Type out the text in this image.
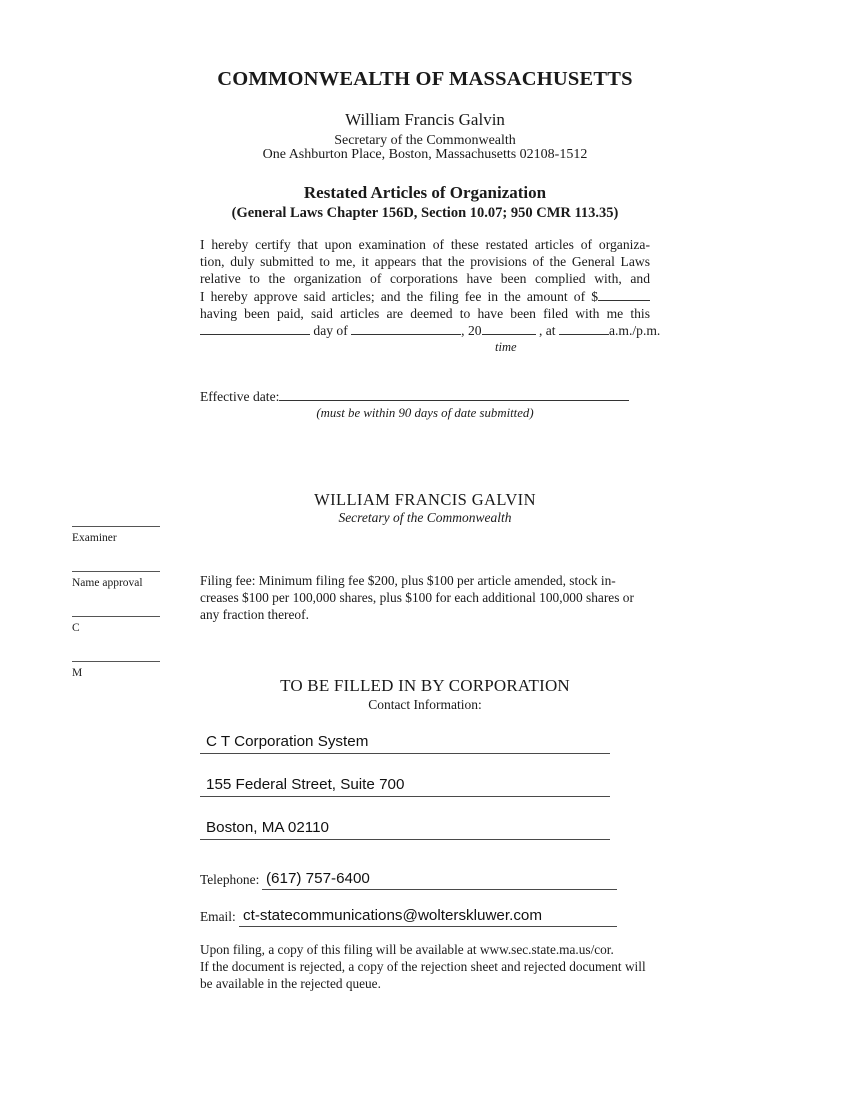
COMMONWEALTH OF MASSACHUSETTS
William Francis Galvin
Secretary of the Commonwealth
One Ashburton Place, Boston, Massachusetts 02108-1512
Restated Articles of Organization
(General Laws Chapter 156D, Section 10.07; 950 CMR 113.35)
I hereby certify that upon examination of these restated articles of organiza-
tion, duly submitted to me, it appears that the provisions of the General Laws
relative to the organization of corporations have been complied with, and
I hereby approve said articles; and the filing fee in the amount of $
having been paid, said articles are deemed to have been filed with me this
day of	, 20	, at	a.m./p.m.
time
Effective date:
(must be within 90 days of date submitted)
WILLIAM FRANCIS GALVIN
Secretary of the Commonwealth
Examiner
Name approval
C
M
Filing fee: Minimum filing fee $200, plus $100 per article amended, stock in-
creases $100 per 100,000 shares, plus $100 for each additional 100,000 shares or
any fraction thereof.
TO BE FILLED IN BY CORPORATION
Contact Information:
C T Corporation System
155 Federal Street, Suite 700
Boston, MA 02110
Telephone: (617) 757-6400
Email: ct-statecommunications@wolterskluwer.com
Upon filing, a copy of this filing will be available at www.sec.state.ma.us/cor.
If the document is rejected, a copy of the rejection sheet and rejected document will
be available in the rejected queue.
